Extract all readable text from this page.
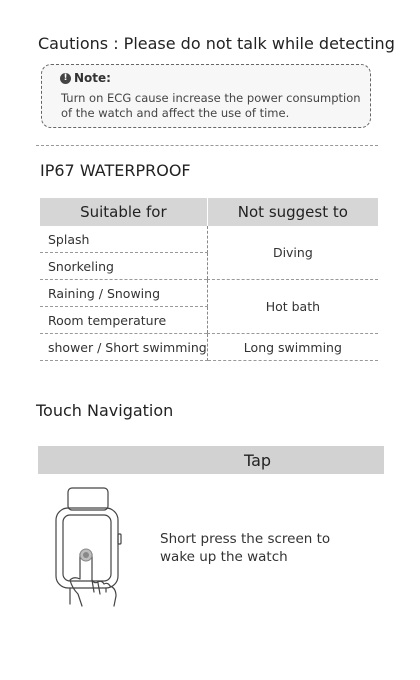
Cautions : Please do not talk while detecting
! Note:
Turn on ECG cause increase the power consumption of the watch and affect the use of time.
IP67 WATERPROOF
Suitable for	Not suggest to
Splash	Diving
Snorkeling	
Raining / Snowing	Hot bath
Room temperature	
shower / Short swimming	Long swimming
Touch Navigation
Tap
Short press the screen to wake up the watch
